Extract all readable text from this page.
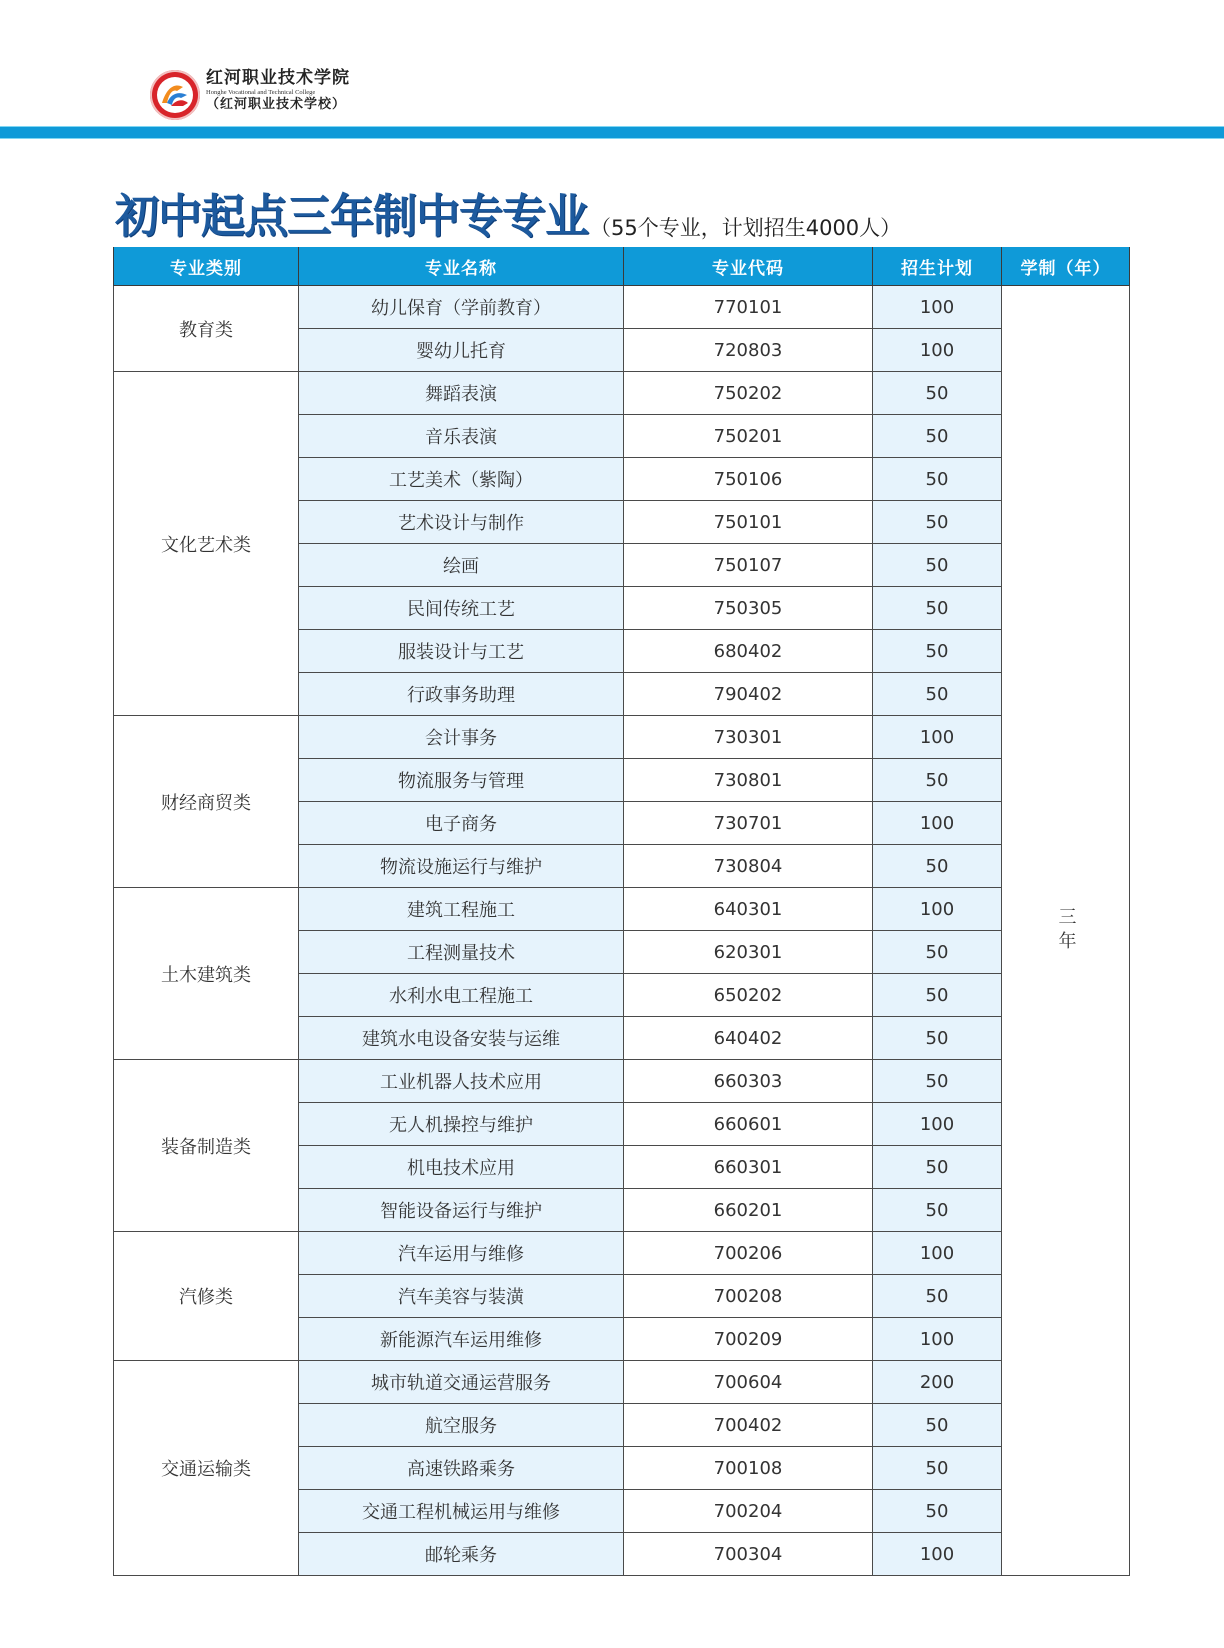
红河职业技术学院
Honghe Vocational and Technical College
（红河职业技术学校）
初中起点三年制中专专业（55个专业，计划招生4000人）
专业类别	专业名称	专业代码	招生计划	学制（年）
教育类	幼儿保育（学前教育）	770101	100	三年
	婴幼儿托育	720803	100	
文化艺术类	舞蹈表演	750202	50	
	音乐表演	750201	50	
	工艺美术（紫陶）	750106	50	
	艺术设计与制作	750101	50	
	绘画	750107	50	
	民间传统工艺	750305	50	
	服装设计与工艺	680402	50	
	行政事务助理	790402	50	
财经商贸类	会计事务	730301	100	
	物流服务与管理	730801	50	
	电子商务	730701	100	
	物流设施运行与维护	730804	50	
土木建筑类	建筑工程施工	640301	100	
	工程测量技术	620301	50	
	水利水电工程施工	650202	50	
	建筑水电设备安装与运维	640402	50	
装备制造类	工业机器人技术应用	660303	50	
	无人机操控与维护	660601	100	
	机电技术应用	660301	50	
	智能设备运行与维护	660201	50	
汽修类	汽车运用与维修	700206	100	
	汽车美容与装潢	700208	50	
	新能源汽车运用维修	700209	100	
交通运输类	城市轨道交通运营服务	700604	200	
	航空服务	700402	50	
	高速铁路乘务	700108	50	
	交通工程机械运用与维修	700204	50	
	邮轮乘务	700304	100	
